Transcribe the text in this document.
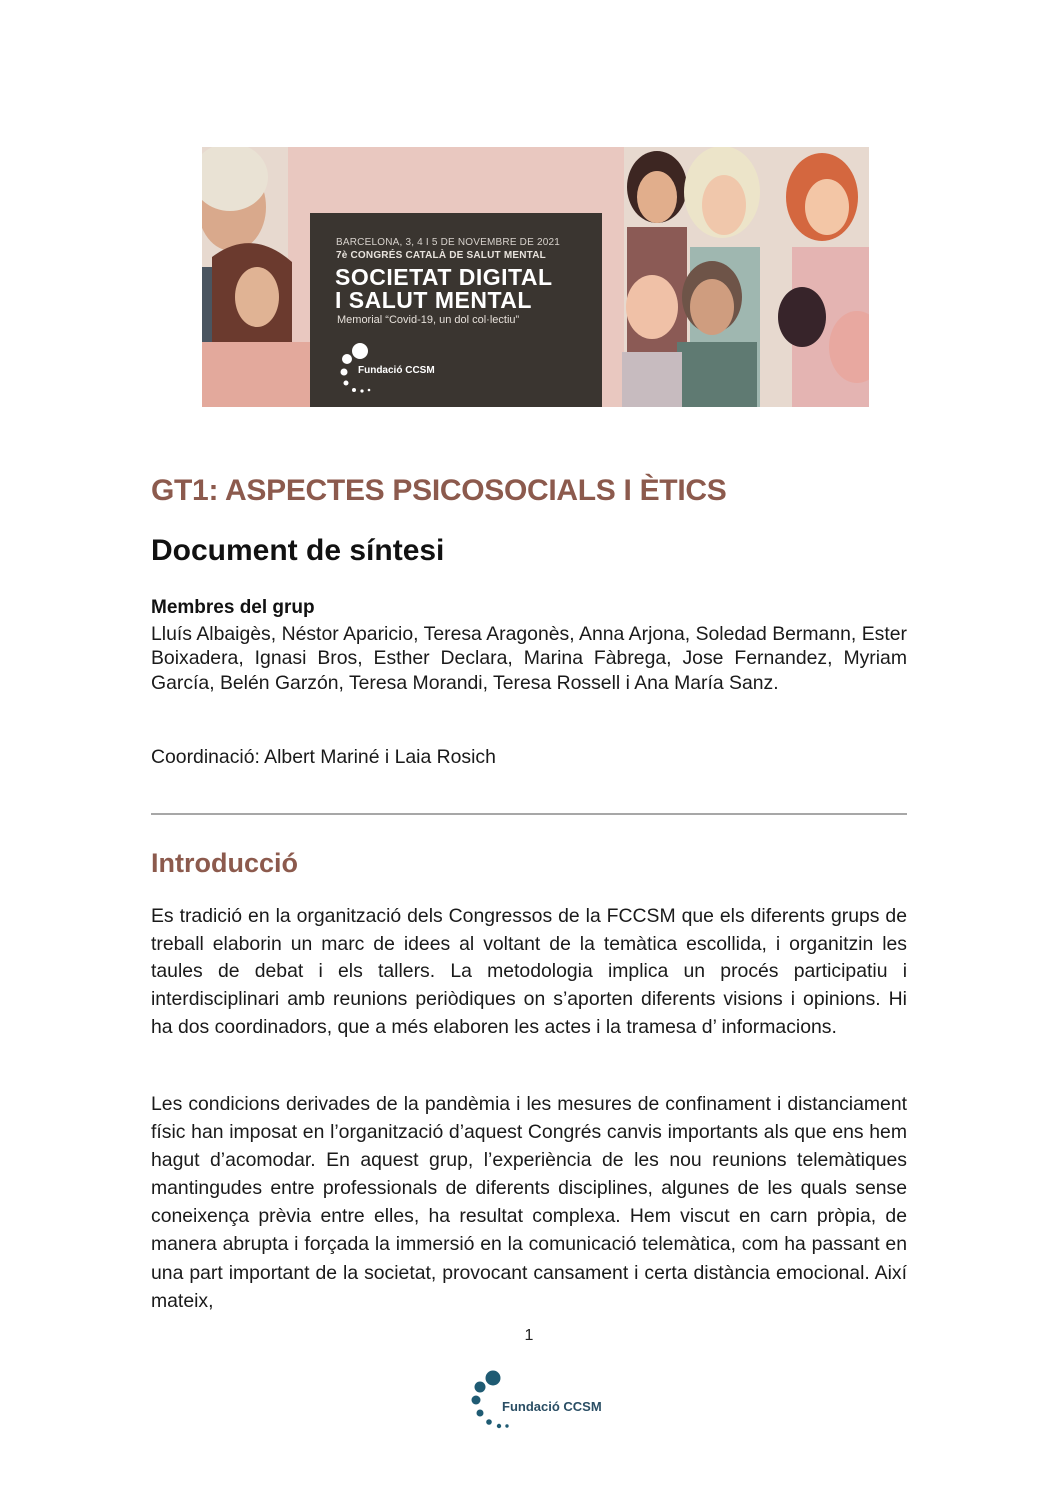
BARCELONA, 3, 4 I 5 DE NOVEMBRE DE 2021
7è CONGRÉS CATALÀ DE SALUT MENTAL
SOCIETAT DIGITAL
I SALUT MENTAL
Memorial “Covid-19, un dol col·lectiu”
Fundació CCSM
GT1: ASPECTES PSICOSOCIALS I ÈTICS
Document de síntesi
Membres del grup
Lluís Albaigès, Néstor Aparicio, Teresa Aragonès, Anna Arjona, Soledad Bermann, Ester Boixadera, Ignasi Bros, Esther Declara, Marina Fàbrega, Jose Fernandez, Myriam García, Belén Garzón, Teresa Morandi, Teresa Rossell i Ana María Sanz.
Coordinació: Albert Mariné i Laia Rosich
Introducció
Es tradició en la organització dels Congressos de la FCCSM que els diferents grups de treball elaborin un marc de idees al voltant de la temàtica escollida, i organitzin les taules de debat i els tallers. La metodologia implica un procés participatiu i interdisciplinari amb reunions periòdiques on s’aporten diferents visions i opinions. Hi ha dos coordinadors, que a més elaboren les actes i la tramesa d’ informacions.
Les condicions derivades de la pandèmia i les mesures de confinament i distanciament físic han imposat en l’organització d’aquest Congrés canvis importants als que ens hem hagut d’acomodar. En aquest grup, l’experiència de les nou reunions telemàtiques mantingudes entre professionals de diferents disciplines, algunes de les quals sense coneixença prèvia entre elles, ha resultat complexa. Hem viscut en carn pròpia, de manera abrupta i forçada la immersió en la comunicació telemàtica, com ha passant en una part important de la societat, provocant cansament i certa distància emocional. Així mateix,
1
Fundació CCSM
